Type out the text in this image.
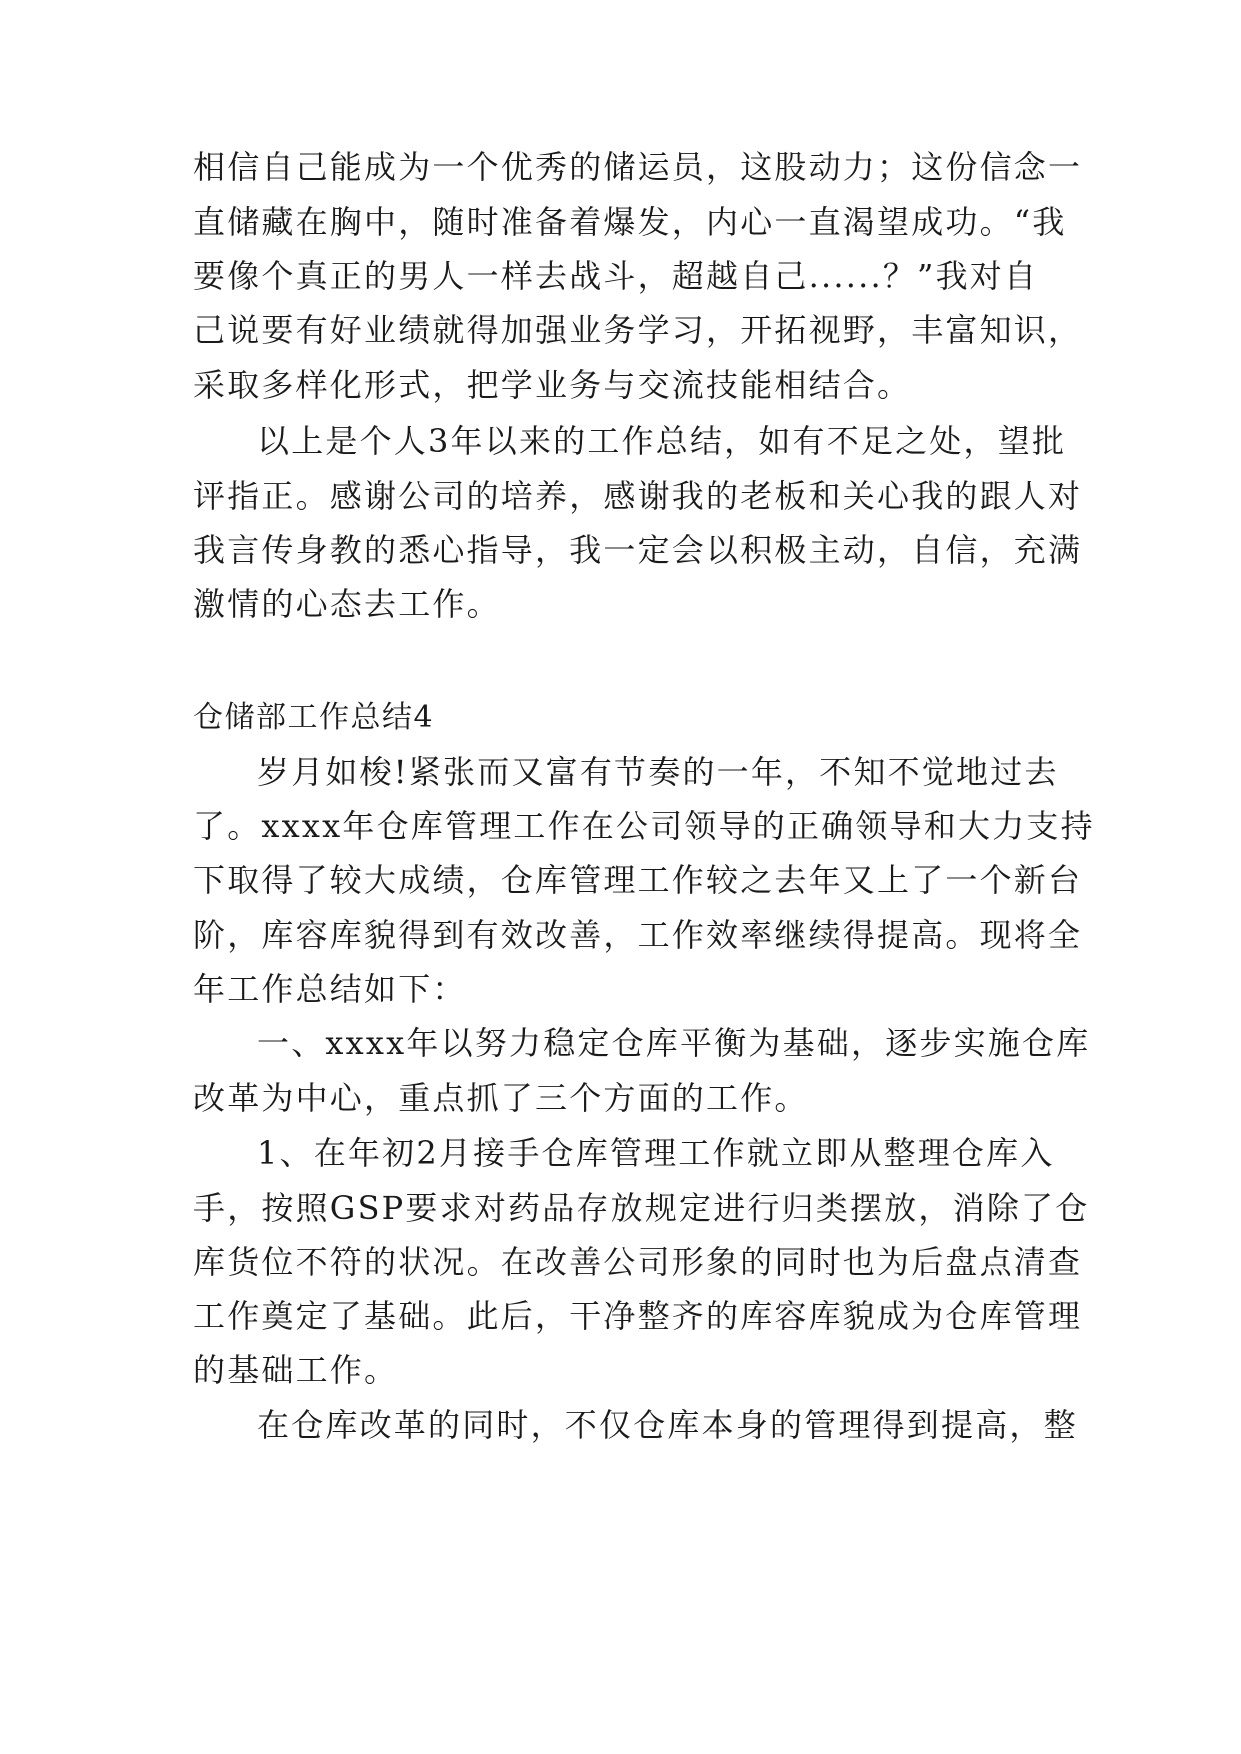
相信自己能成为一个优秀的储运员，这股动力；这份信念一
直储藏在胸中，随时准备着爆发，内心一直渴望成功。“我
要像个真正的男人一样去战斗，超越自己......？”我对自
己说要有好业绩就得加强业务学习，开拓视野，丰富知识，
采取多样化形式，把学业务与交流技能相结合。
以上是个人3年以来的工作总结，如有不足之处，望批
评指正。感谢公司的培养，感谢我的老板和关心我的跟人对
我言传身教的悉心指导，我一定会以积极主动，自信，充满
激情的心态去工作。
仓储部工作总结4
岁月如梭!紧张而又富有节奏的一年，不知不觉地过去
了。xxxx年仓库管理工作在公司领导的正确领导和大力支持
下取得了较大成绩，仓库管理工作较之去年又上了一个新台
阶，库容库貌得到有效改善，工作效率继续得提高。现将全
年工作总结如下：
一、xxxx年以努力稳定仓库平衡为基础，逐步实施仓库
改革为中心，重点抓了三个方面的工作。
1、在年初2月接手仓库管理工作就立即从整理仓库入
手，按照GSP要求对药品存放规定进行归类摆放，消除了仓
库货位不符的状况。在改善公司形象的同时也为后盘点清查
工作奠定了基础。此后，干净整齐的库容库貌成为仓库管理
的基础工作。
在仓库改革的同时，不仅仓库本身的管理得到提高，整
